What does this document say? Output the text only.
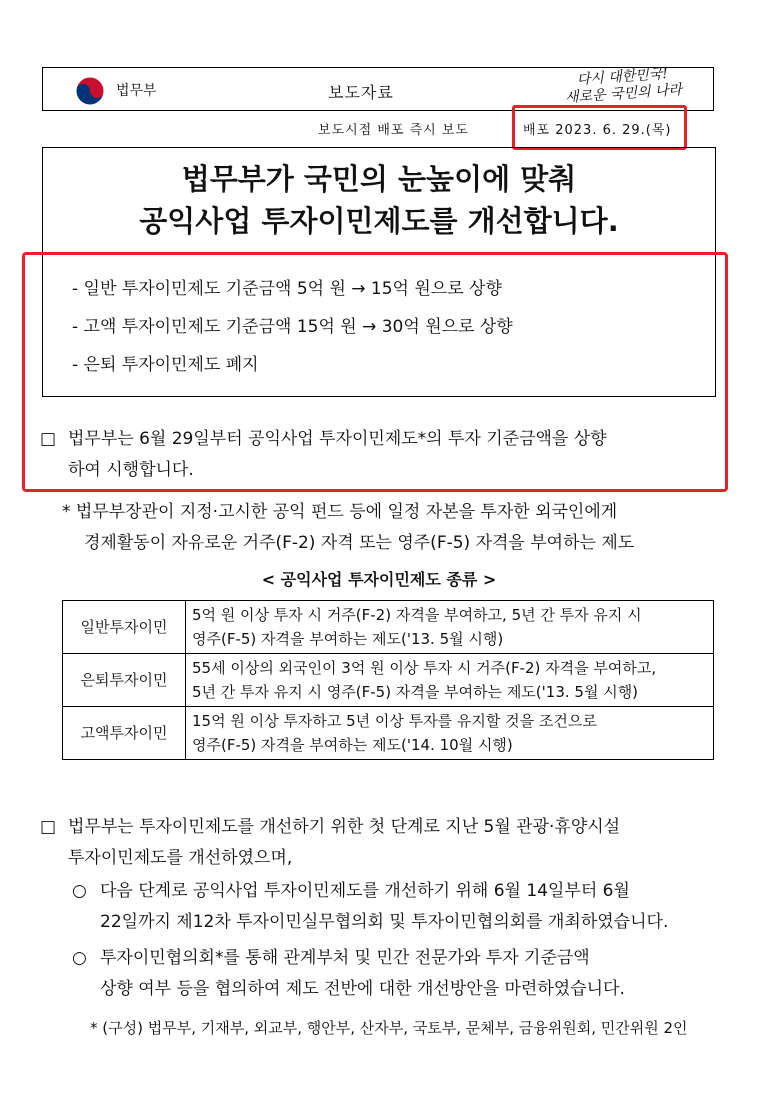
법무부	보도자료
다시 대한민국!
새로운 국민의 나라
보도시점 배포 즉시 보도	배포 2023. 6. 29.(목)
법무부가 국민의 눈높이에 맞춰
공익사업 투자이민제도를 개선합니다.
- 일반 투자이민제도 기준금액 5억 원 → 15억 원으로 상향
- 고액 투자이민제도 기준금액 15억 원 → 30억 원으로 상향
- 은퇴 투자이민제도 폐지
□ 법무부는 6월 29일부터 공익사업 투자이민제도*의 투자 기준금액을 상향
하여 시행합니다.
* 법무부장관이 지정·고시한 공익 펀드 등에 일정 자본을 투자한 외국인에게
경제활동이 자유로운 거주(F-2) 자격 또는 영주(F-5) 자격을 부여하는 제도
< 공익사업 투자이민제도 종류 >
일반투자이민	5억 원 이상 투자 시 거주(F-2) 자격을 부여하고, 5년 간 투자 유지 시
영주(F-5) 자격을 부여하는 제도('13. 5월 시행)

은퇴투자이민	55세 이상의 외국인이 3억 원 이상 투자 시 거주(F-2) 자격을 부여하고,
5년 간 투자 유지 시 영주(F-5) 자격을 부여하는 제도('13. 5월 시행)

고액투자이민	15억 원 이상 투자하고 5년 이상 투자를 유지할 것을 조건으로
영주(F-5) 자격을 부여하는 제도('14. 10월 시행)
□ 법무부는 투자이민제도를 개선하기 위한 첫 단계로 지난 5월 관광·휴양시설
투자이민제도를 개선하였으며,
○ 다음 단계로 공익사업 투자이민제도를 개선하기 위해 6월 14일부터 6월
22일까지 제12차 투자이민실무협의회 및 투자이민협의회를 개최하였습니다.
○ 투자이민협의회*를 통해 관계부처 및 민간 전문가와 투자 기준금액
상향 여부 등을 협의하여 제도 전반에 대한 개선방안을 마련하였습니다.
* (구성) 법무부, 기재부, 외교부, 행안부, 산자부, 국토부, 문체부, 금융위원회, 민간위원 2인
